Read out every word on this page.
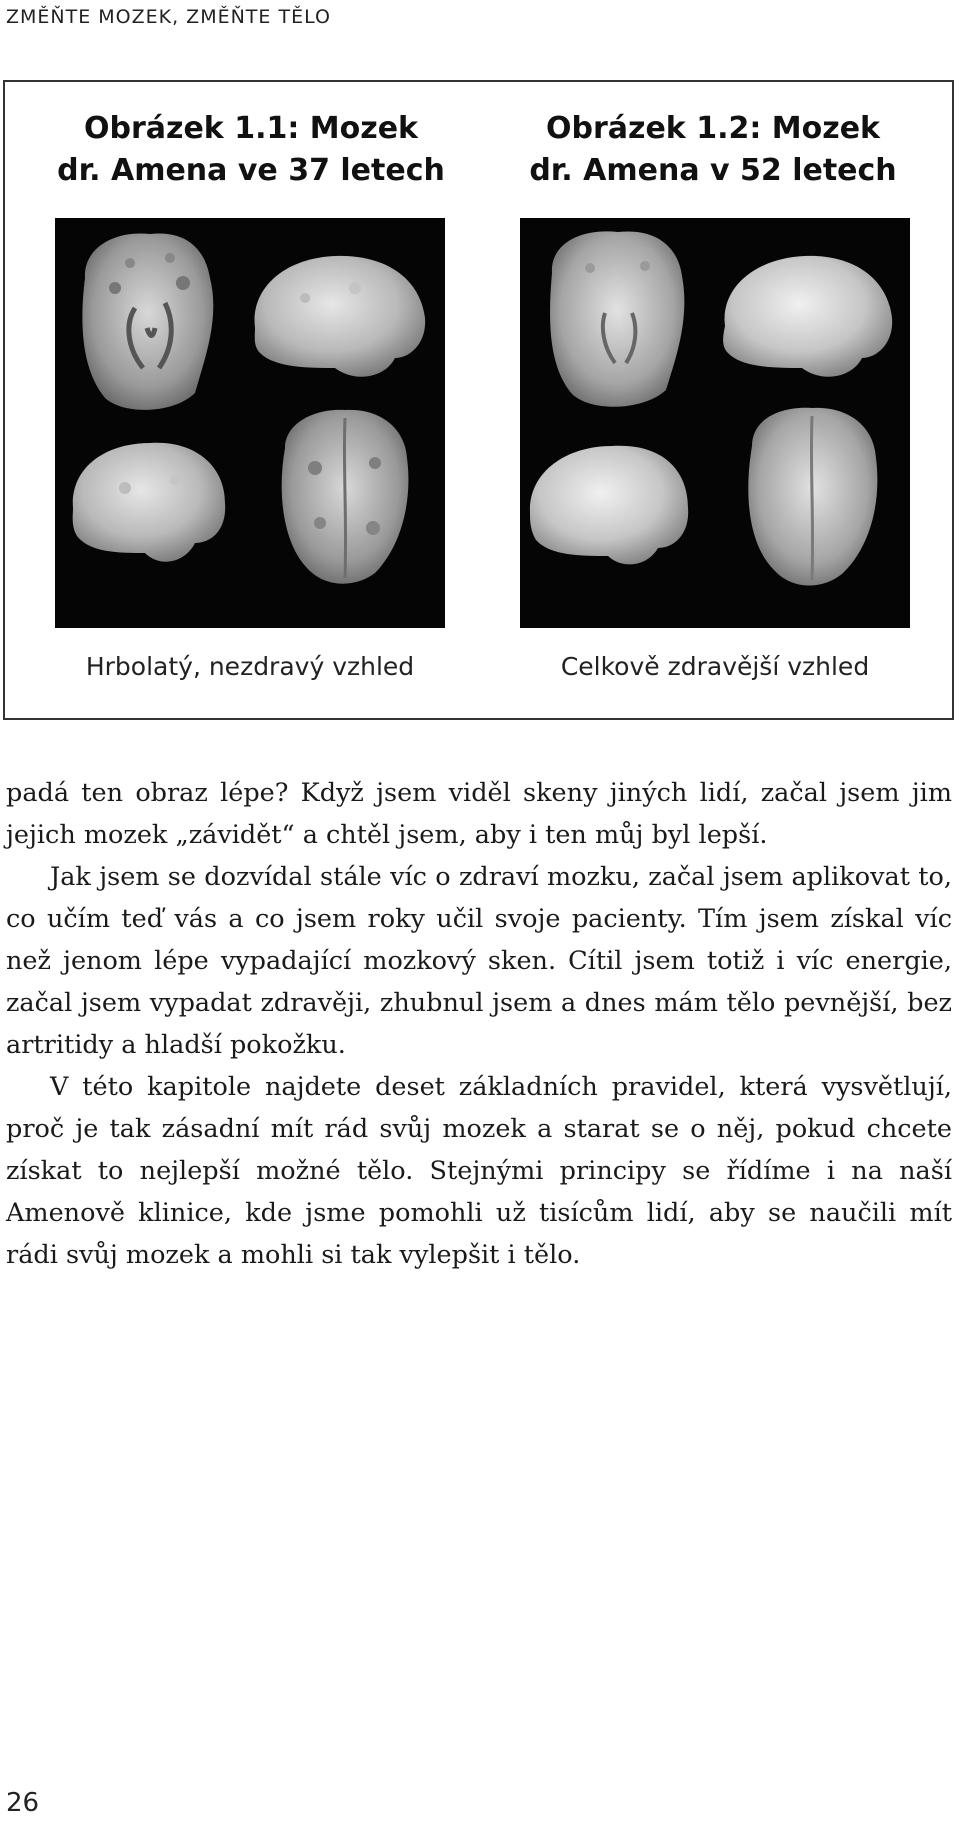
ZMĚŇTE MOZEK, ZMĚŇTE TĚLO
Obrázek 1.1: Mozek
dr. Amena ve 37 letech
Obrázek 1.2: Mozek
dr. Amena v 52 letech
Hrbolatý, nezdravý vzhled	Celkově zdravější vzhled

padá ten obraz lépe? Když jsem viděl skeny jiných lidí, začal jsem jim jejich mozek „závidět“ a chtěl jsem, aby i ten můj byl lepší.

Jak jsem se dozvídal stále víc o zdraví mozku, začal jsem aplikovat to, co učím teď vás a co jsem roky učil svoje pacienty. Tím jsem získal víc než jenom lépe vypadající mozkový sken. Cítil jsem totiž i víc energie, začal jsem vypadat zdravěji, zhubnul jsem a dnes mám tělo pevnější, bez artritidy a hladší pokožku.

V této kapitole najdete deset základních pravidel, která vysvětlují, proč je tak zásadní mít rád svůj mozek a starat se o něj, pokud chcete získat to nejlepší možné tělo. Stejnými principy se řídíme i na naší Amenově klinice, kde jsme pomohli už tisícům lidí, aby se naučili mít rádi svůj mozek a mohli si tak vylepšit i tělo.

26
